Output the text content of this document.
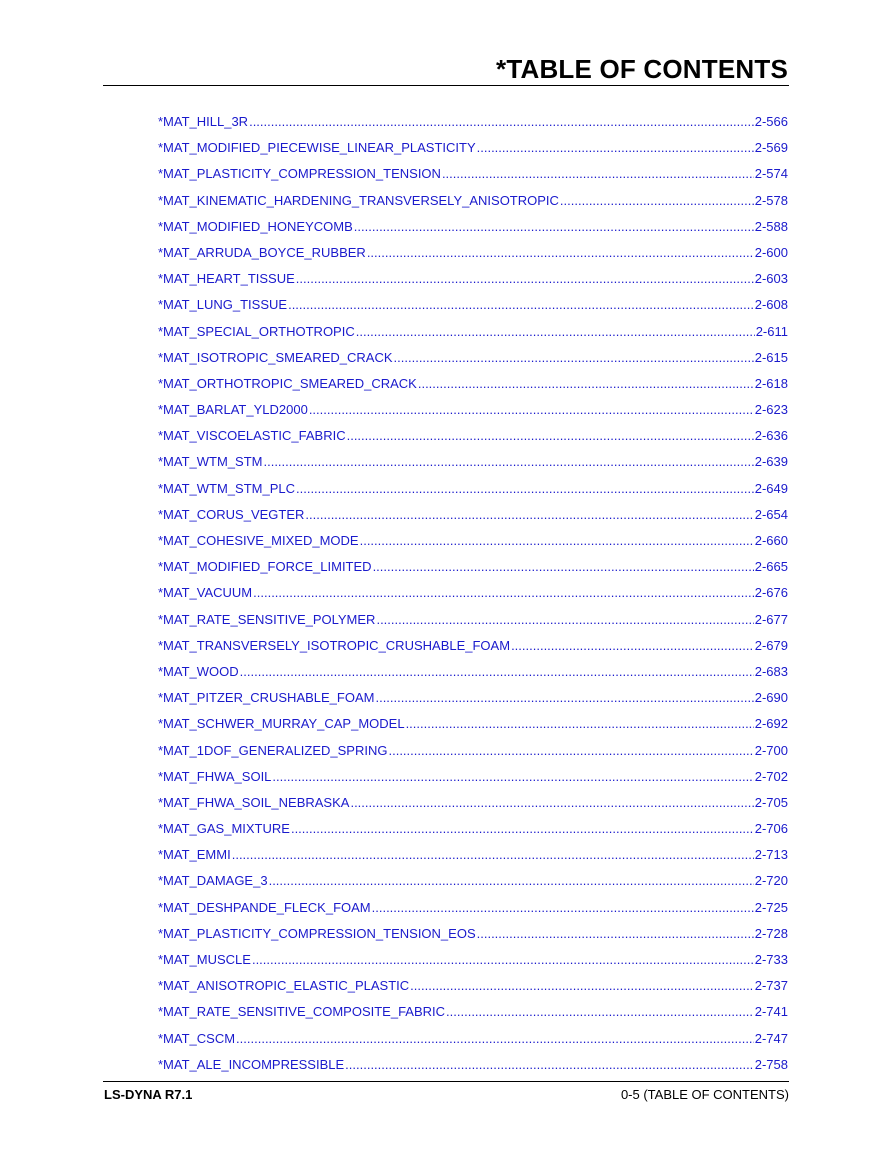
*TABLE OF CONTENTS
*MAT_HILL_3R .....	2-566
*MAT_MODIFIED_PIECEWISE_LINEAR_PLASTICITY .....	2-569
*MAT_PLASTICITY_COMPRESSION_TENSION .....	2-574
*MAT_KINEMATIC_HARDENING_TRANSVERSELY_ANISOTROPIC .....	2-578
*MAT_MODIFIED_HONEYCOMB .....	2-588
*MAT_ARRUDA_BOYCE_RUBBER .....	2-600
*MAT_HEART_TISSUE .....	2-603
*MAT_LUNG_TISSUE .....	2-608
*MAT_SPECIAL_ORTHOTROPIC .....	2-611
*MAT_ISOTROPIC_SMEARED_CRACK .....	2-615
*MAT_ORTHOTROPIC_SMEARED_CRACK .....	2-618
*MAT_BARLAT_YLD2000 .....	2-623
*MAT_VISCOELASTIC_FABRIC .....	2-636
*MAT_WTM_STM .....	2-639
*MAT_WTM_STM_PLC .....	2-649
*MAT_CORUS_VEGTER .....	2-654
*MAT_COHESIVE_MIXED_MODE .....	2-660
*MAT_MODIFIED_FORCE_LIMITED .....	2-665
*MAT_VACUUM .....	2-676
*MAT_RATE_SENSITIVE_POLYMER .....	2-677
*MAT_TRANSVERSELY_ISOTROPIC_CRUSHABLE_FOAM .....	2-679
*MAT_WOOD .....	2-683
*MAT_PITZER_CRUSHABLE_FOAM .....	2-690
*MAT_SCHWER_MURRAY_CAP_MODEL .....	2-692
*MAT_1DOF_GENERALIZED_SPRING .....	2-700
*MAT_FHWA_SOIL .....	2-702
*MAT_FHWA_SOIL_NEBRASKA .....	2-705
*MAT_GAS_MIXTURE .....	2-706
*MAT_EMMI .....	2-713
*MAT_DAMAGE_3 .....	2-720
*MAT_DESHPANDE_FLECK_FOAM .....	2-725
*MAT_PLASTICITY_COMPRESSION_TENSION_EOS .....	2-728
*MAT_MUSCLE .....	2-733
*MAT_ANISOTROPIC_ELASTIC_PLASTIC .....	2-737
*MAT_RATE_SENSITIVE_COMPOSITE_FABRIC .....	2-741
*MAT_CSCM .....	2-747
*MAT_ALE_INCOMPRESSIBLE .....	2-758
LS-DYNA R7.1	0-5 (TABLE OF CONTENTS)
